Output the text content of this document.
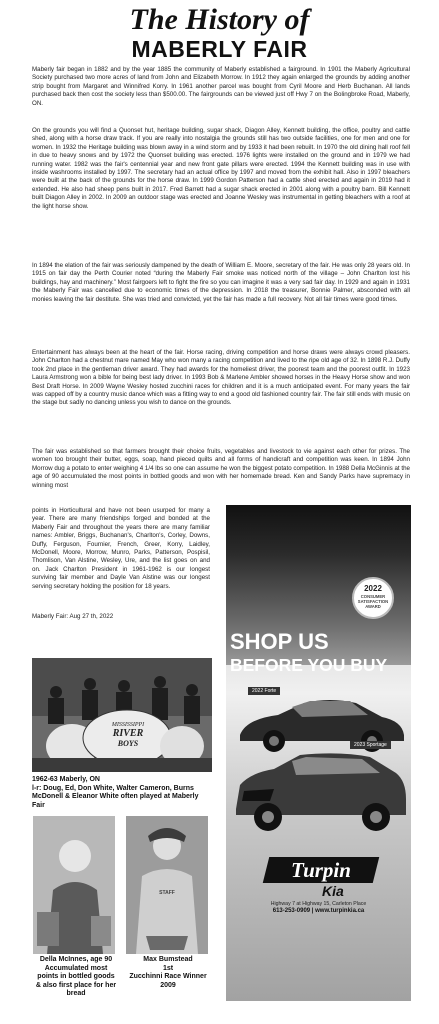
The History of
MABERLY FAIR

Maberly fair began in 1882 and by the year 1885 the community of Maberly established a fairground. In 1901 the Maberly Agricultural Society purchased two more acres of land from John and Elizabeth Morrow. In 1912 they again enlarged the grounds by adding another strip bought from Margaret and Winnifred Korry. In 1961 another parcel was bought from Cyril Moore and Herb Buchanan. All lands purchased back then cost the society less than $500.00. The fairgrounds can be viewed just off Hwy 7 on the Bolingbroke Road, Maberly, ON.

On the grounds you will find a Quonset hut, heritage building, sugar shack, Diagon Alley, Kennett building, the office, poultry and cattle shed, along with a horse draw track. If you are really into nostalgia the grounds still has two outside facilities, one for men and one for women. In 1932 the Heritage building was blown away in a wind storm and by 1933 it had been rebuilt. In 1970 the old dining hall roof fell in due to heavy snows and by 1972 the Quonset building was erected. 1976 lights were installed on the ground and in 1979 we had running water. 1982 was the fair's centennial year and new front gate pillars were erected. 1994 the Kennett building was in use with inside washrooms installed by 1997. The secretary had an actual office by 1997 and moved from the exhibit hall. Also in 1997 bleachers were built at the back of the grounds for the horse draw. In 1999 Gordon Patterson had a cattle shed erected and again in 2019 had it extended. He also had sheep pens built in 2017. Fred Barrett had a sugar shack erected in 2001 along with a poultry barn. Bill Kennett built Diagon Alley in 2002. In 2009 an outdoor stage was erected and Joanne Wesley was instrumental in getting bleachers with a roof at the light horse show.

In 1894 the elation of the fair was seriously dampened by the death of William E. Moore, secretary of the fair. He was only 28 years old. In 1915 on fair day the Perth Courier noted “during the Maberly Fair smoke was noticed north of the village – John Charlton lost his buildings, hay and machinery.” Most fairgoers left to fight the fire so you can imagine it was a very sad fair day. In 1929 and again in 1931 the Maberly Fair was cancelled due to economic times of the depression. In 2018 the treasurer, Bonnie Palmer, absconded with all monies leaving the fair destitute. She was tried and convicted, yet the fair has made a full recovery. Not all fair times were good times.

Entertainment has always been at the heart of the fair. Horse racing, driving competition and horse draws were always crowd pleasers. John Charlton had a chestnut mare named May who won many a racing competition and lived to the ripe old age of 32. In 1898 R.J. Duffy took 2nd place in the gentleman driver award. They had awards for the homeliest driver, the poorest team and the poorest outfit. In 1923 Laura Armstrong won a bible for being best lady driver. In 1993 Bob & Marlene Ambler showed horses in the Heavy Horse show and won Best Draft Horse. In 2009 Wayne Wesley hosted zucchini races for children and it is a much anticipated event. For many years the fair was capped off by a country music dance which was a fitting way to end a good old fashioned country fair. The fair still ends with music on the stage but sadly no dancing unless you wish to dance on the grounds.

The fair was established so that farmers brought their choice fruits, vegetables and livestock to vie against each other for prizes. The women too brought their butter, eggs, soap, hand pieced quilts and all forms of handicraft and competition was keen. In 1894 John Morrow dug a potato to enter weighing 4 1/4 lbs so one can assume he won the biggest potato competition. In 1988 Della McGinnis at the age of 90 accumulated the most points in bottled goods and won with her homemade bread. Ken and Sandy Parks have supremacy in winning most

points in Horticultural and have not been usurped for many a year. There are many friendships forged and bonded at the Maberly Fair and throughout the years there are many familiar names: Ambler, Briggs, Buchanan's, Charlton's, Corley, Downs, Duffy, Ferguson, Fournier, French, Greer, Korry, Laidley, McDonell, Moore, Morrow, Munro, Parks, Patterson, Pospisil, Thomlison, Van Alstine, Wesley, Ure, and the list goes on and on. Jack Charlton President in 1961-1962 is our longest surviving fair member and Dayle Van Alstine was our longest serving secretary holding the position for 18 years.

Maberly Fair: Aug 27 th, 2022

MISSISSIPPI
RIVER
BOYS
1962-63 Maberly, ON
l-r: Doug, Ed, Don White, Walter Cameron, Burns
McDonell & Eleanor White often played at Maberly
Fair
Della McInnes, age 90
Accumulated most
points in bottled goods
& also first place for her
bread
STAFF
Max Bumstead
1st
Zucchinni Race Winner
2009
2022
CONSUMER
SATISFACTION
AWARD
SHOP US
BEFORE YOU BUY
2022 Forte
2023 Sportage
Turpin
Kia
Highway 7 at Highway 15, Carleton Place
613-253-0909 | www.turpinkia.ca
